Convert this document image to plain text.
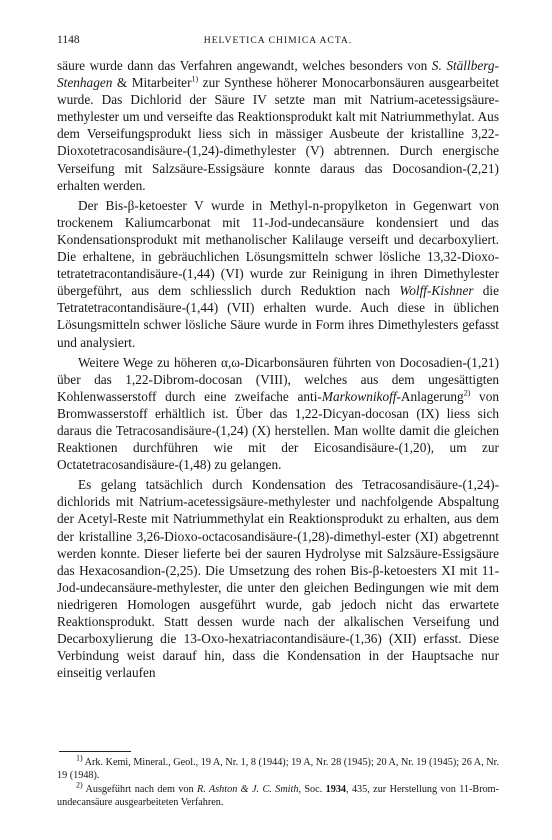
1148	HELVETICA CHIMICA ACTA.

säure wurde dann das Verfahren angewandt, welches besonders von S. Ställberg-Stenhagen & Mitarbeiter$^{1)}$ zur Synthese höherer Monocarbonsäuren ausgearbeitet wurde. Das Dichlorid der Säure IV setzte man mit Natrium-acetessigsäure-methylester um und verseifte das Reaktionsprodukt kalt mit Natriummethylat. Aus dem Verseifungsprodukt liess sich in mässiger Ausbeute der kristalline 3,22-Dioxotetracosandisäure-(1,24)-dimethylester (V) abtrennen. Durch energische Verseifung mit Salzsäure-Essigsäure konnte daraus das Docosandion-(2,21) erhalten werden.

Der Bis-β-ketoester V wurde in Methyl-n-propylketon in Gegenwart von trockenem Kaliumcarbonat mit 11-Jod-undecansäure kondensiert und das Kondensationsprodukt mit methanolischer Kalilauge verseift und decarboxyliert. Die erhaltene, in gebräuchlichen Lösungsmitteln schwer lösliche 13,32-Dioxo-tetratetracontandisäure-(1,44) (VI) wurde zur Reinigung in ihren Dimethylester übergeführt, aus dem schliesslich durch Reduktion nach Wolff-Kishner die Tetratetracontandisäure-(1,44) (VII) erhalten wurde. Auch diese in üblichen Lösungsmitteln schwer lösliche Säure wurde in Form ihres Dimethylesters gefasst und analysiert.

Weitere Wege zu höheren α,ω-Dicarbonsäuren führten von Docosadien-(1,21) über das 1,22-Dibrom-docosan (VIII), welches aus dem ungesättigten Kohlenwasserstoff durch eine zweifache anti-Markownikoff-Anlagerung$^{2)}$ von Bromwasserstoff erhältlich ist. Über das 1,22-Dicyan-docosan (IX) liess sich daraus die Tetracosandisäure-(1,24) (X) herstellen. Man wollte damit die gleichen Reaktionen durchführen wie mit der Eicosandisäure-(1,20), um zur Octatetracosandisäure-(1,48) zu gelangen.

Es gelang tatsächlich durch Kondensation des Tetracosandisäure-(1,24)-dichlorids mit Natrium-acetessigsäure-methylester und nachfolgende Abspaltung der Acetyl-Reste mit Natriummethylat ein Reaktionsprodukt zu erhalten, aus dem der kristalline 3,26-Dioxo-octacosandisäure-(1,28)-dimethyl-ester (XI) abgetrennt werden konnte. Dieser lieferte bei der sauren Hydrolyse mit Salzsäure-Essigsäure das Hexacosandion-(2,25). Die Umsetzung des rohen Bis-β-ketoesters XI mit 11-Jod-undecansäure-methylester, die unter den gleichen Bedingungen wie mit dem niedrigeren Homologen ausgeführt wurde, gab jedoch nicht das erwartete Reaktionsprodukt. Statt dessen wurde nach der alkalischen Verseifung und Decarboxylierung die 13-Oxo-hexatriacontandisäure-(1,36) (XII) erfasst. Diese Verbindung weist darauf hin, dass die Kondensation in der Hauptsache nur einseitig verlaufen

$^{1)}$ Ark. Kemi, Mineral., Geol., 19 A, Nr. 1, 8 (1944); 19 A, Nr. 28 (1945); 20 A, Nr. 19 (1945); 26 A, Nr. 19 (1948).

$^{2)}$ Ausgeführt nach dem von R. Ashton & J. C. Smith, Soc. 1934, 435, zur Herstellung von 11-Brom-undecansäure ausgearbeiteten Verfahren.
